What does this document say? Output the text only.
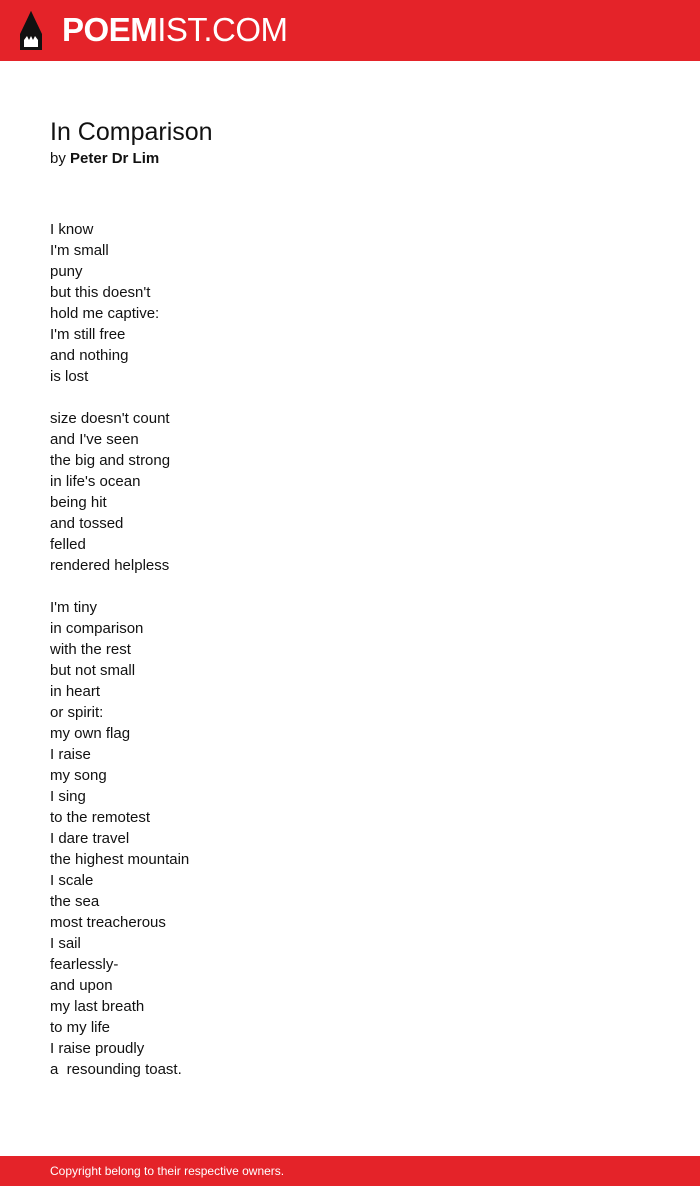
POEMIST.COM
In Comparison

by Peter Dr Lim

I know
I'm small
puny
but this doesn't
hold me captive:
I'm still free
and nothing
is lost
size doesn't count
and I've seen
the big and strong
in life's ocean
being hit
and tossed
felled
rendered helpless
I'm tiny
in comparison
with the rest
but not small
in heart
or spirit:
my own flag
I raise
my song
I sing
to the remotest
I dare travel
the highest mountain
I scale
the sea
most treacherous
I sail
fearlessly-
and upon
my last breath
to my life
I raise proudly
a  resounding toast.
Copyright belong to their respective owners.
